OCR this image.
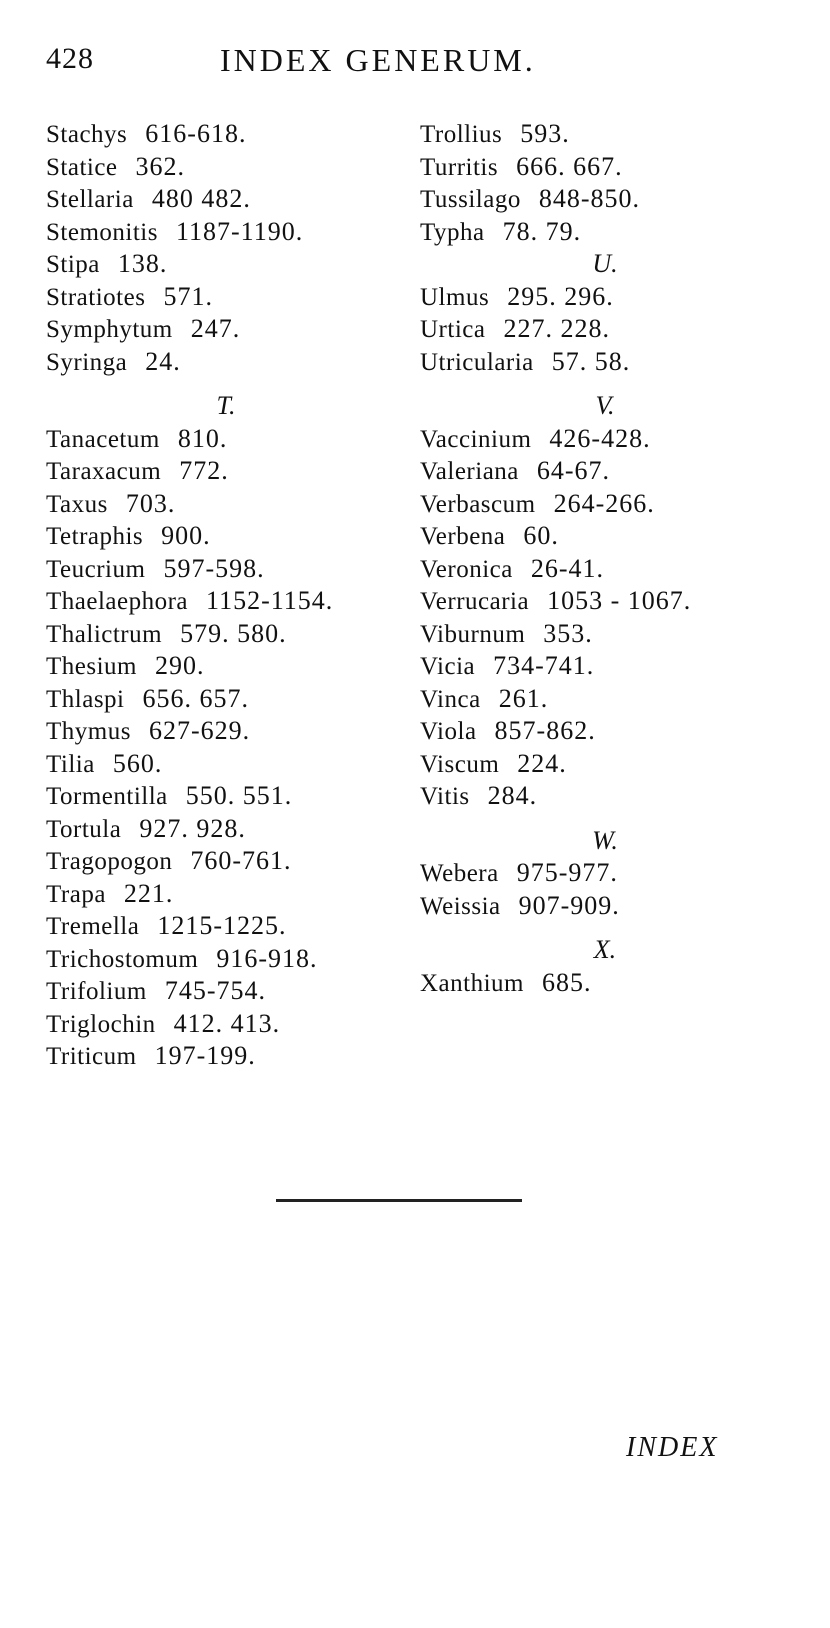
428	INDEX GENERUM.
Stachys 616-618.
Statice 362.
Stellaria 480 482.
Stemonitis 1187-1190.
Stipa 138.
Stratiotes 571.
Symphytum 247.
Syringa 24.
T.
Tanacetum 810.
Taraxacum 772.
Taxus 703.
Tetraphis 900.
Teucrium 597-598.
Thaelaephora 1152-1154.
Thalictrum 579. 580.
Thesium 290.
Thlaspi 656. 657.
Thymus 627-629.
Tilia 560.
Tormentilla 550. 551.
Tortula 927. 928.
Tragopogon 760-761.
Trapa 221.
Tremella 1215-1225.
Trichostomum 916-918.
Trifolium 745-754.
Triglochin 412. 413.
Triticum 197-199.
Trollius 593.
Turritis 666. 667.
Tussilago 848-850.
Typha 78. 79.
U.
Ulmus 295. 296.
Urtica 227. 228.
Utricularia 57. 58.
V.
Vaccinium 426-428.
Valeriana 64-67.
Verbascum 264-266.
Verbena 60.
Veronica 26-41.
Verrucaria 1053 - 1067.
Viburnum 353.
Vicia 734-741.
Vinca 261.
Viola 857-862.
Viscum 224.
Vitis 284.
W.
Webera 975-977.
Weissia 907-909.
X.
Xanthium 685.
INDEX
